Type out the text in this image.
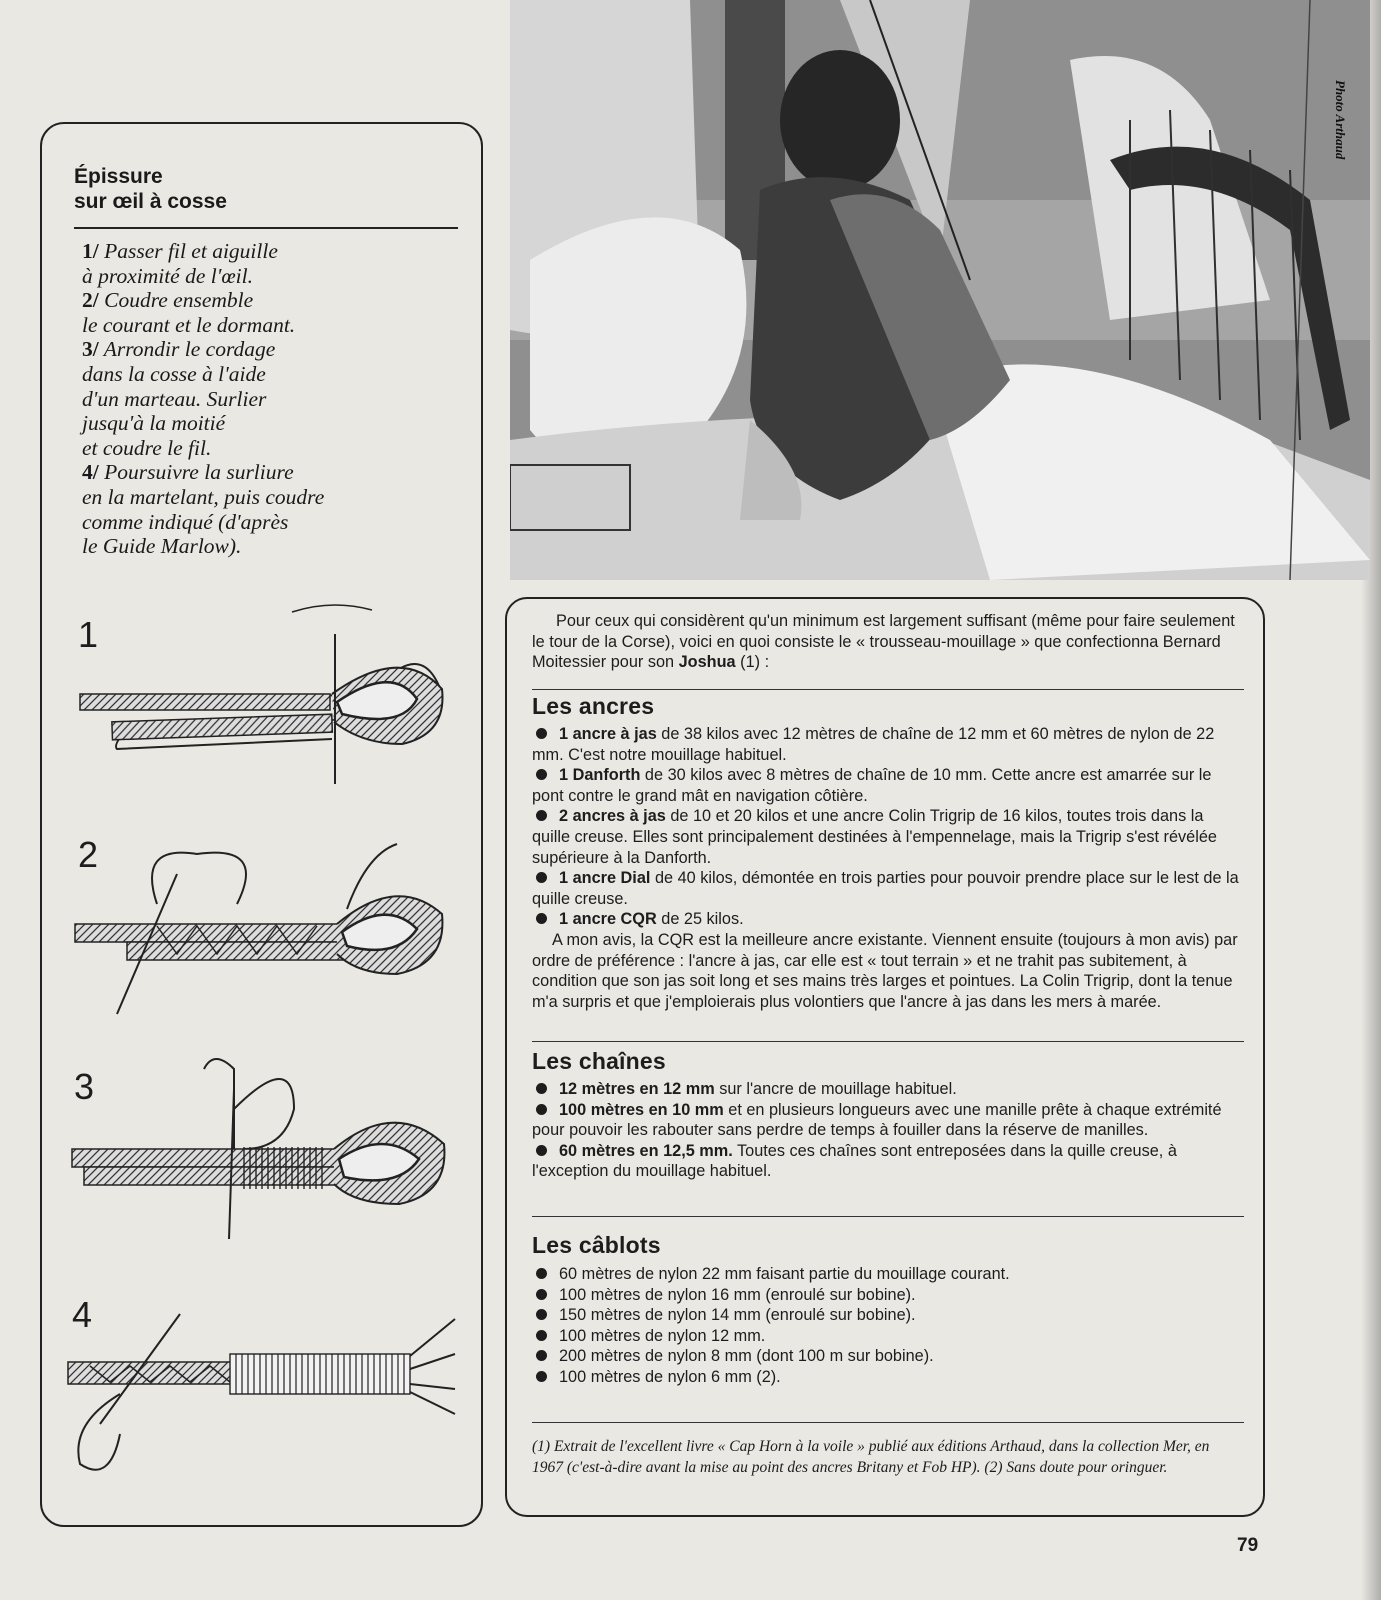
Épissure
sur œil à cosse

1/ Passer fil et aiguille
à proximité de l'œil.

2/ Coudre ensemble
le courant et le dormant.

3/ Arrondir le cordage
dans la cosse à l'aide
d'un marteau. Surlier
jusqu'à la moitié
et coudre le fil.

4/ Poursuivre la surliure
en la martelant, puis coudre
comme indiqué (d'après
le Guide Marlow).

1

2

3

4

Photo Arthaud

Pour ceux qui considèrent qu'un minimum est largement suffisant (même pour faire seulement le tour de la Corse), voici en quoi consiste le « trousseau-mouillage » que confectionna Bernard Moitessier pour son Joshua (1) :

Les ancres

1 ancre à jas de 38 kilos avec 12 mètres de chaîne de 12 mm et 60 mètres de nylon de 22 mm. C'est notre mouillage habituel.

1 Danforth de 30 kilos avec 8 mètres de chaîne de 10 mm. Cette ancre est amarrée sur le pont contre le grand mât en navigation côtière.

2 ancres à jas de 10 et 20 kilos et une ancre Colin Trigrip de 16 kilos, toutes trois dans la quille creuse. Elles sont principalement destinées à l'empennelage, mais la Trigrip s'est révélée supérieure à la Danforth.

1 ancre Dial de 40 kilos, démontée en trois parties pour pouvoir prendre place sur le lest de la quille creuse.

1 ancre CQR de 25 kilos.

A mon avis, la CQR est la meilleure ancre existante. Viennent ensuite (toujours à mon avis) par ordre de préférence : l'ancre à jas, car elle est « tout terrain » et ne trahit pas subitement, à condition que son jas soit long et ses mains très larges et pointues. La Colin Trigrip, dont la tenue m'a surpris et que j'emploierais plus volontiers que l'ancre à jas dans les mers à marée.

Les chaînes

12 mètres en 12 mm sur l'ancre de mouillage habituel.

100 mètres en 10 mm et en plusieurs longueurs avec une manille prête à chaque extrémité pour pouvoir les rabouter sans perdre de temps à fouiller dans la réserve de manilles.

60 mètres en 12,5 mm. Toutes ces chaînes sont entreposées dans la quille creuse, à l'exception du mouillage habituel.

Les câblots

60 mètres de nylon 22 mm faisant partie du mouillage courant.

100 mètres de nylon 16 mm (enroulé sur bobine).

150 mètres de nylon 14 mm (enroulé sur bobine).

100 mètres de nylon 12 mm.

200 mètres de nylon 8 mm (dont 100 m sur bobine).

100 mètres de nylon 6 mm (2).

(1) Extrait de l'excellent livre « Cap Horn à la voile » publié aux éditions Arthaud, dans la collection Mer, en 1967 (c'est-à-dire avant la mise au point des ancres Britany et Fob HP). (2) Sans doute pour oringuer.

79
